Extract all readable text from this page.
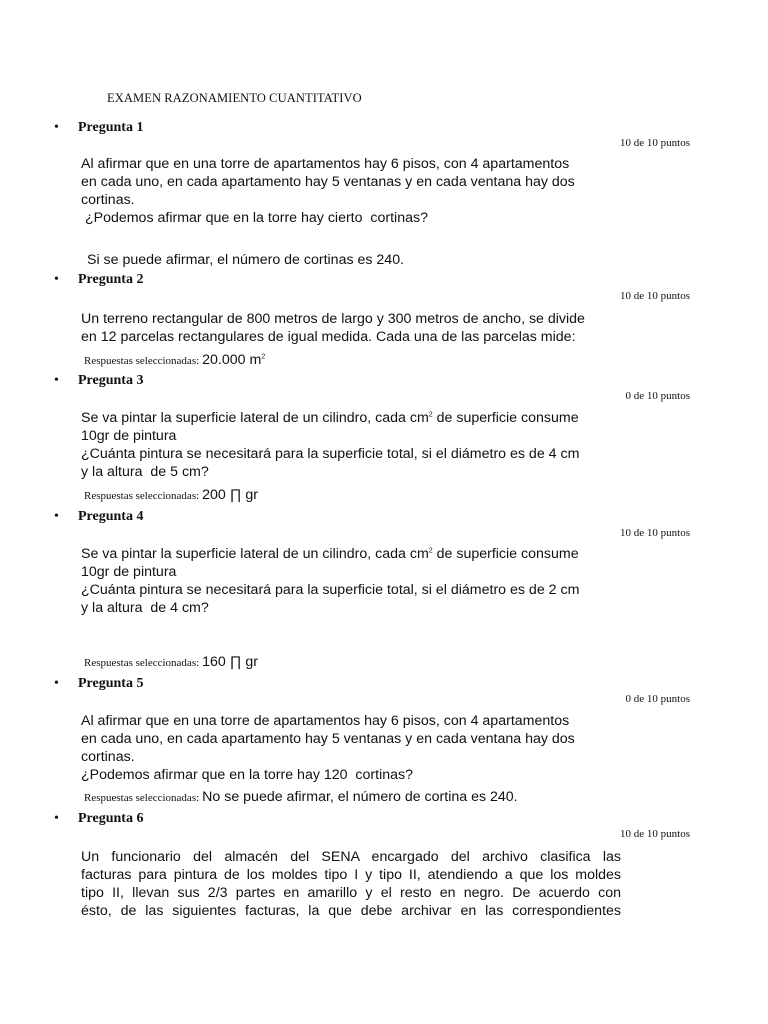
EXAMEN RAZONAMIENTO CUANTITATIVO
• Pregunta 1
10 de 10 puntos

Al afirmar que en una torre de apartamentos hay 6 pisos, con 4 apartamentos

en cada uno, en cada apartamento hay 5 ventanas y en cada ventana hay dos

cortinas.

¿Podemos afirmar que en la torre hay cierto  cortinas?

Si se puede afirmar, el número de cortinas es 240.
• Pregunta 2
10 de 10 puntos

Un terreno rectangular de 800 metros de largo y 300 metros de ancho, se divide

en 12 parcelas rectangulares de igual medida. Cada una de las parcelas mide:

Respuestas seleccionadas: 20.000 $m^2$
• Pregunta 3
0 de 10 puntos

Se va pintar la superficie lateral de un cilindro, cada $cm^2$ de superficie consume

10gr de pintura

¿Cuánta pintura se necesitará para la superficie total, si el diámetro es de 4 cm

y la altura  de 5 cm?

Respuestas seleccionadas: 200 ∏ gr
• Pregunta 4
10 de 10 puntos

Se va pintar la superficie lateral de un cilindro, cada $cm^2$ de superficie consume

10gr de pintura

¿Cuánta pintura se necesitará para la superficie total, si el diámetro es de 2 cm

y la altura  de 4 cm?

Respuestas seleccionadas: 160 ∏ gr
• Pregunta 5
0 de 10 puntos

Al afirmar que en una torre de apartamentos hay 6 pisos, con 4 apartamentos

en cada uno, en cada apartamento hay 5 ventanas y en cada ventana hay dos

cortinas.

¿Podemos afirmar que en la torre hay 120  cortinas?

Respuestas seleccionadas: No se puede afirmar, el número de cortina es 240.
• Pregunta 6
10 de 10 puntos

Un funcionario del almacén del SENA encargado del archivo clasifica las

facturas para pintura de los moldes tipo I y tipo II, atendiendo a que los moldes

tipo II, llevan sus 2/3 partes en amarillo y el resto en negro. De acuerdo con

ésto, de las siguientes facturas, la que debe archivar en las correspondientes
